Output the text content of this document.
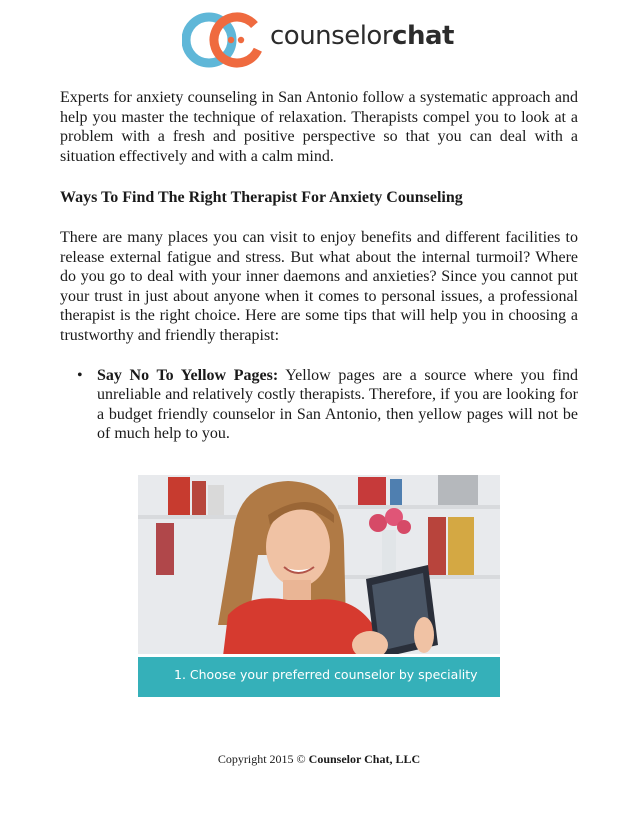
counselorchat

Experts for anxiety counseling in San Antonio follow a systematic approach and help you master the technique of relaxation. Therapists compel you to look at a problem with a fresh and positive perspective so that you can deal with a situation effectively and with a calm mind.

Ways To Find The Right Therapist For Anxiety Counseling

There are many places you can visit to enjoy benefits and different facilities to release external fatigue and stress. But what about the internal turmoil? Where do you go to deal with your inner daemons and anxieties? Since you cannot put your trust in just about anyone when it comes to personal issues, a professional therapist is the right choice. Here are some tips that will help you in choosing a trustworthy and friendly therapist:

• Say No To Yellow Pages: Yellow pages are a source where you find unreliable and relatively costly therapists. Therefore, if you are looking for a budget friendly counselor in San Antonio, then yellow pages will not be of much help to you.
1. Choose your preferred counselor by speciality
Copyright 2015 © Counselor Chat, LLC
